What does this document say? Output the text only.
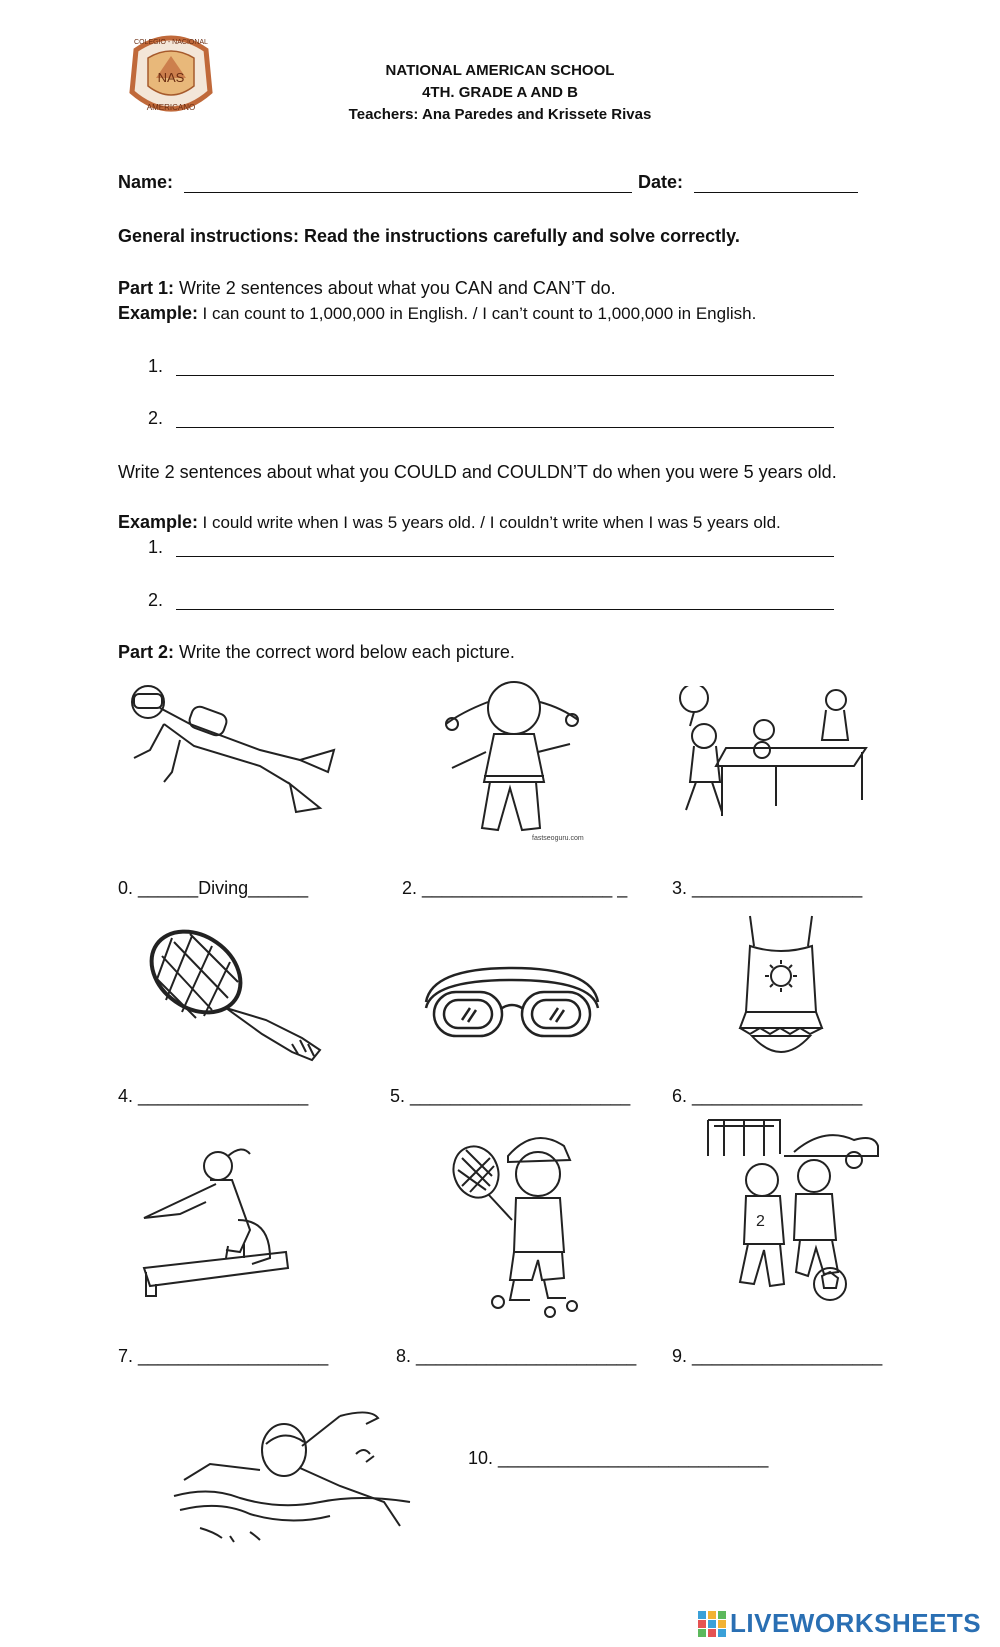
NAS
COLEGIO - NACIONAL
AMERICANO
NATIONAL AMERICAN SCHOOL
4TH. GRADE A AND B
Teachers: Ana Paredes and Krissete Rivas
Name:	Date:
General instructions: Read the instructions carefully and solve correctly.
Part 1: Write 2 sentences about what you CAN and CAN’T do.
Example: I can count to 1,000,000 in English. / I can’t count to 1,000,000 in English.
1.
2.
Write 2 sentences about what you COULD and COULDN’T do when you were 5 years old.
Example: I could write when I was 5 years old. / I couldn’t write when I was 5 years old.
1.
2.
Part 2: Write the correct word below each picture.
fastseoguru.com
0. ______Diving______	2. ___________________ _ 3. _________________
4. _________________	5. ______________________ 6. _________________
2
7. ___________________	8. ______________________ 9. ___________________
10. ___________________________
LIVEWORKSHEETS
